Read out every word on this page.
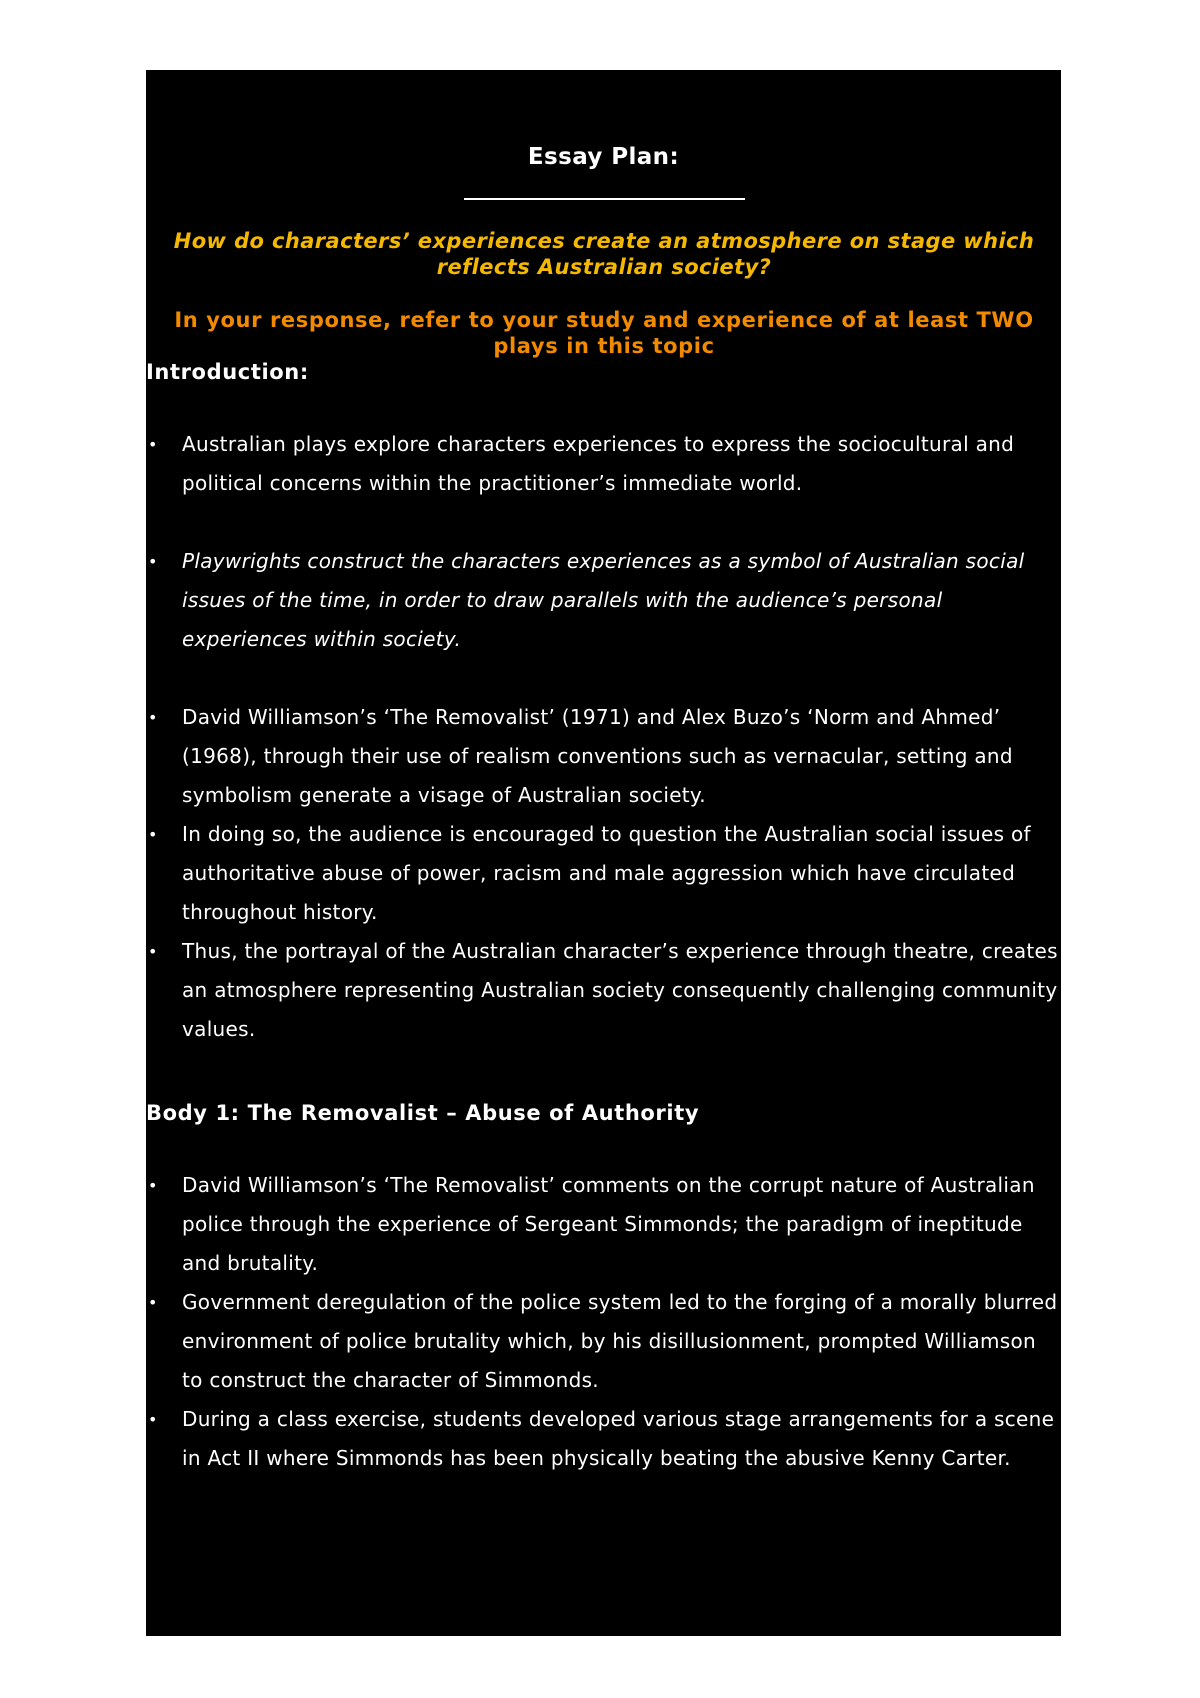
Essay Plan:
How do characters’ experiences create an atmosphere on stage which reflects Australian society?
In your response, refer to your study and experience of at least TWO plays in this topic
Introduction:
• Australian plays explore characters experiences to express the sociocultural and political concerns within the practitioner’s immediate world.
• Playwrights construct the characters experiences as a symbol of Australian social issues of the time, in order to draw parallels with the audience’s personal experiences within society.
• David Williamson’s ‘The Removalist’ (1971) and Alex Buzo’s ‘Norm and Ahmed’ (1968), through their use of realism conventions such as vernacular, setting and symbolism generate a visage of Australian society.
• In doing so, the audience is encouraged to question the Australian social issues of authoritative abuse of power, racism and male aggression which have circulated throughout history.
• Thus, the portrayal of the Australian character’s experience through theatre, creates an atmosphere representing Australian society consequently challenging community values.
Body 1: The Removalist – Abuse of Authority
• David Williamson’s ‘The Removalist’ comments on the corrupt nature of Australian police through the experience of Sergeant Simmonds; the paradigm of ineptitude and brutality.
• Government deregulation of the police system led to the forging of a morally blurred environment of police brutality which, by his disillusionment, prompted Williamson to construct the character of Simmonds.
• During a class exercise, students developed various stage arrangements for a scene in Act II where Simmonds has been physically beating the abusive Kenny Carter.
